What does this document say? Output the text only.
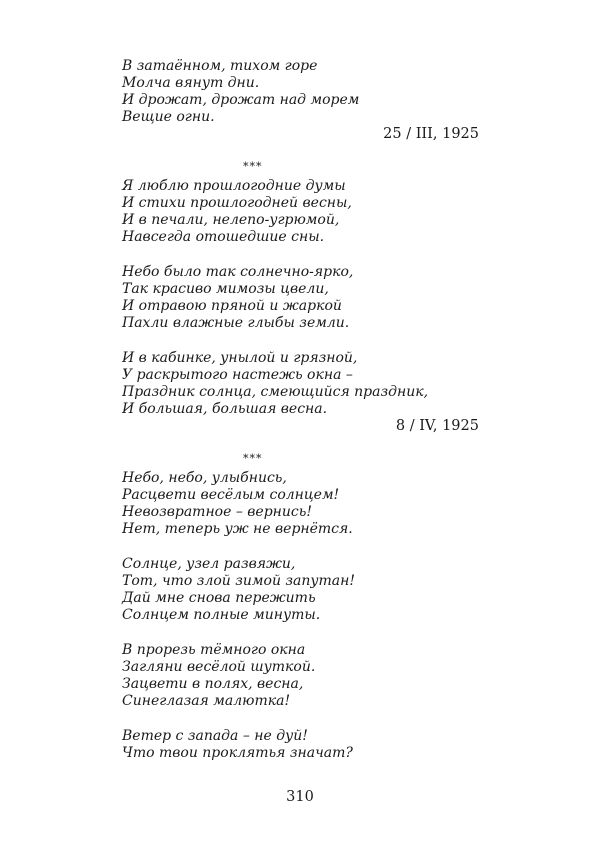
В затаённом, тихом горе
Молча вянут дни.
И дрожат, дрожат над морем
Вещие огни.
25 / III, 1925
***
Я люблю прошлогодние думы
И стихи прошлогодней весны,
И в печали, нелепо-угрюмой,
Навсегда отошедшие сны.
Небо было так солнечно-ярко,
Так красиво мимозы цвели,
И отравою пряной и жаркой
Пахли влажные глыбы земли.
И в кабинке, унылой и грязной,
У раскрытого настежь окна –
Праздник солнца, смеющийся праздник,
И большая, большая весна.
8 / IV, 1925
***
Небо, небо, улыбнись,
Расцвети весёлым солнцем!
Невозвратное – вернись!
Нет, теперь уж не вернётся.
Солнце, узел развяжи,
Тот, что злой зимой запутан!
Дай мне снова пережить
Солнцем полные минуты.
В прорезь тёмного окна
Загляни весёлой шуткой.
Зацвети в полях, весна,
Синеглазая малютка!
Ветер с запада – не дуй!
Что твои проклятья значат?
310
